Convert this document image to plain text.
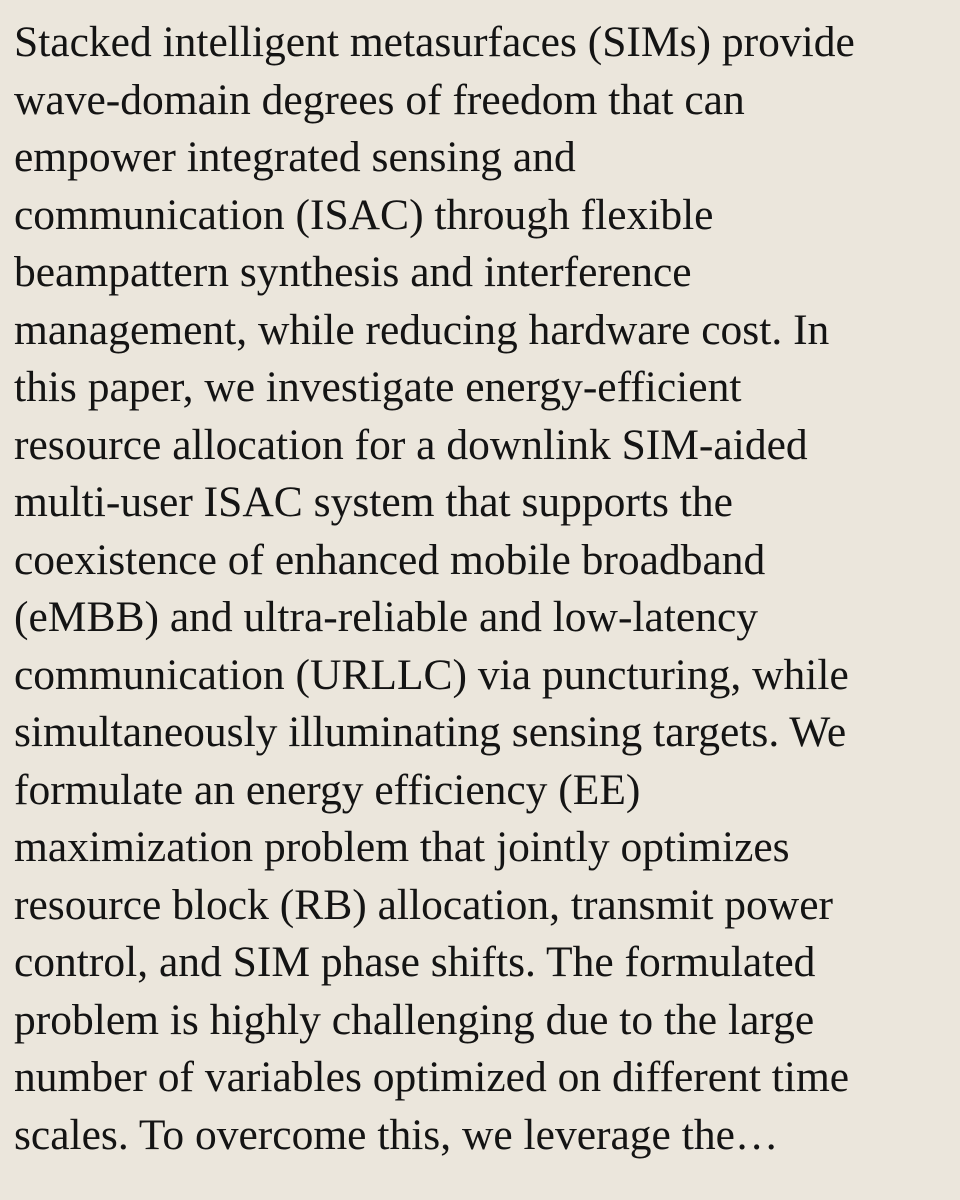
Stacked intelligent metasurfaces (SIMs) provide
wave-domain degrees of freedom that can
empower integrated sensing and
communication (ISAC) through flexible
beampattern synthesis and interference
management, while reducing hardware cost. In
this paper, we investigate energy-efficient
resource allocation for a downlink SIM-aided
multi-user ISAC system that supports the
coexistence of enhanced mobile broadband
(eMBB) and ultra-reliable and low-latency
communication (URLLC) via puncturing, while
simultaneously illuminating sensing targets. We
formulate an energy efficiency (EE)
maximization problem that jointly optimizes
resource block (RB) allocation, transmit power
control, and SIM phase shifts. The formulated
problem is highly challenging due to the large
number of variables optimized on different time
scales. To overcome this, we leverage the…
